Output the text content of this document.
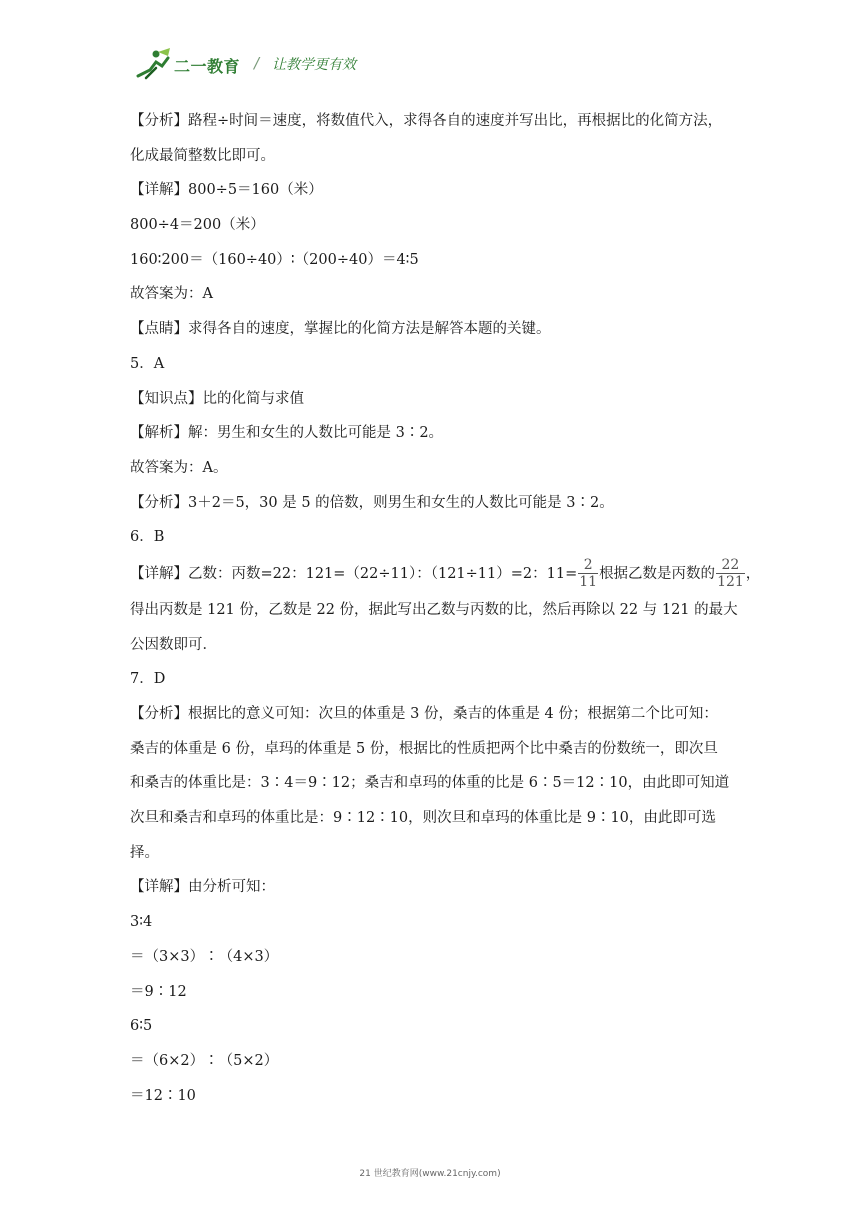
二一教育 / 让教学更有效
【分析】路程÷时间＝速度，将数值代入，求得各自的速度并写出比，再根据比的化简方法，
化成最简整数比即可。
【详解】800÷5＝160（米）
800÷4＝200（米）
160∶200＝（160÷40）∶（200÷40）＝4∶5
故答案为：A
【点睛】求得各自的速度，掌握比的化简方法是解答本题的关键。
5．A
【知识点】比的化简与求值
【解析】解：男生和女生的人数比可能是 3∶2。
故答案为：A。
【分析】3＋2＝5，30 是 5 的倍数，则男生和女生的人数比可能是 3∶2。
6．B
【详解】乙数：丙数=22：121=（22÷11）：（121÷11）=2：$11= \frac{2}{11}$ 根据乙数是丙数的 $\frac{22}{121}$ ，
得出丙数是 121 份，乙数是 22 份，据此写出乙数与丙数的比，然后再除以 22 与 121 的最大
公因数即可．
7．D
【分析】根据比的意义可知：次旦的体重是 3 份，桑吉的体重是 4 份；根据第二个比可知：
桑吉的体重是 6 份，卓玛的体重是 5 份，根据比的性质把两个比中桑吉的份数统一，即次旦
和桑吉的体重比是：3∶4＝9∶12；桑吉和卓玛的体重的比是 6∶5＝12∶10，由此即可知道
次旦和桑吉和卓玛的体重比是：9∶12∶10，则次旦和卓玛的体重比是 9∶10，由此即可选
择。
【详解】由分析可知：
3∶4
＝（3×3）∶（4×3）
＝9∶12
6∶5
＝（6×2）∶（5×2）
＝12∶10
21 世纪教育网(www.21cnjy.com)
